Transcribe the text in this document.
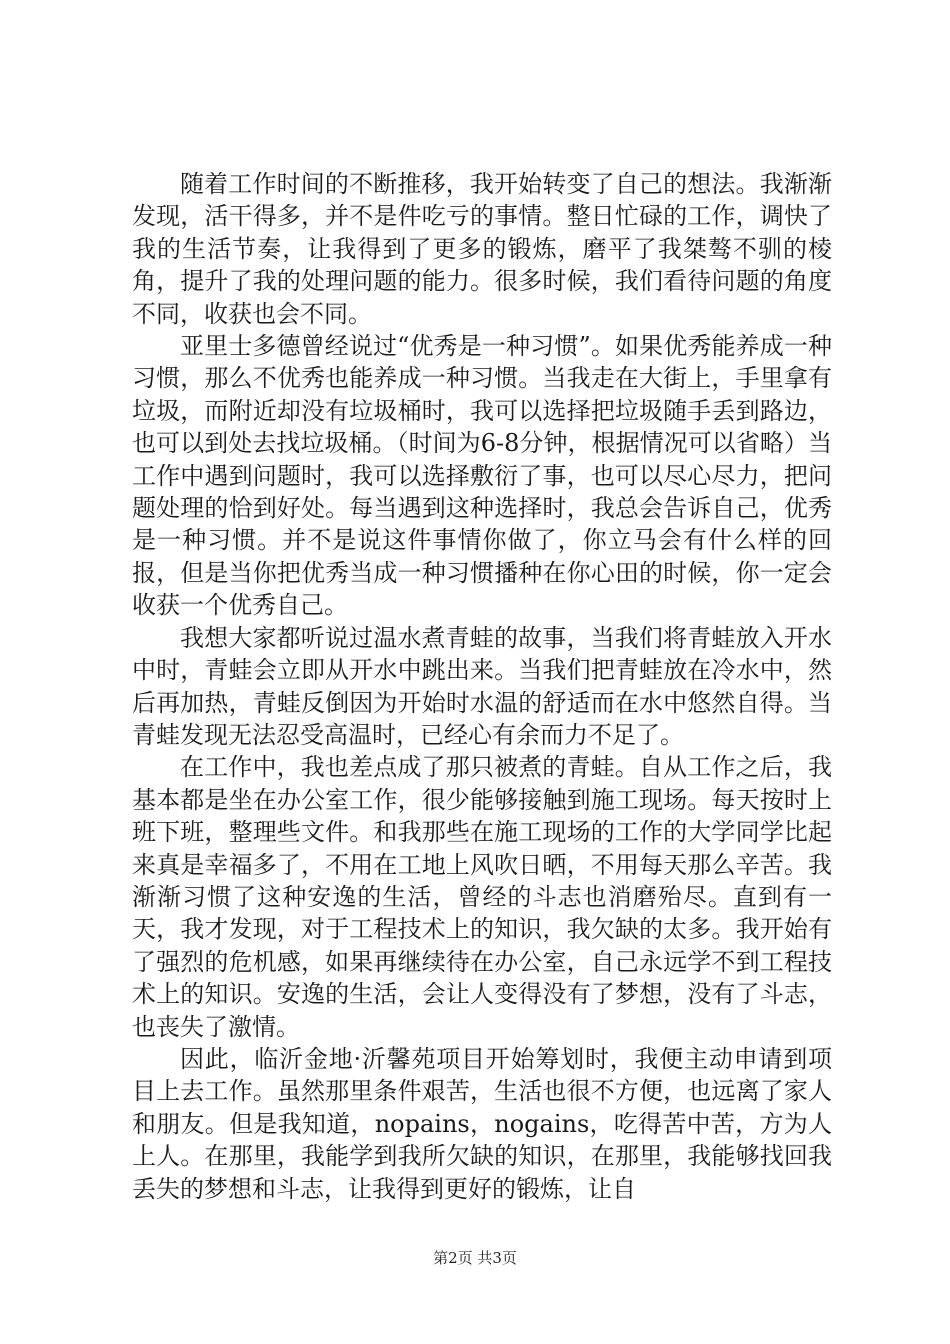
随着工作时间的不断推移，我开始转变了自己的想法。我渐渐发现，活干得多，并不是件吃亏的事情。整日忙碌的工作，调快了我的生活节奏，让我得到了更多的锻炼，磨平了我桀骜不驯的棱角，提升了我的处理问题的能力。很多时候，我们看待问题的角度不同，收获也会不同。

亚里士多德曾经说过“优秀是一种习惯”。如果优秀能养成一种习惯，那么不优秀也能养成一种习惯。当我走在大街上，手里拿有垃圾，而附近却没有垃圾桶时，我可以选择把垃圾随手丢到路边，也可以到处去找垃圾桶。（时间为6-8分钟，根据情况可以省略）当工作中遇到问题时，我可以选择敷衍了事，也可以尽心尽力，把问题处理的恰到好处。每当遇到这种选择时，我总会告诉自己，优秀是一种习惯。并不是说这件事情你做了，你立马会有什么样的回报，但是当你把优秀当成一种习惯播种在你心田的时候，你一定会收获一个优秀自己。

我想大家都听说过温水煮青蛙的故事，当我们将青蛙放入开水中时，青蛙会立即从开水中跳出来。当我们把青蛙放在冷水中，然后再加热，青蛙反倒因为开始时水温的舒适而在水中悠然自得。当青蛙发现无法忍受高温时，已经心有余而力不足了。

在工作中，我也差点成了那只被煮的青蛙。自从工作之后，我基本都是坐在办公室工作，很少能够接触到施工现场。每天按时上班下班，整理些文件。和我那些在施工现场的工作的大学同学比起来真是幸福多了，不用在工地上风吹日晒，不用每天那么辛苦。我渐渐习惯了这种安逸的生活，曾经的斗志也消磨殆尽。直到有一天，我才发现，对于工程技术上的知识，我欠缺的太多。我开始有了强烈的危机感，如果再继续待在办公室，自己永远学不到工程技术上的知识。安逸的生活，会让人变得没有了梦想，没有了斗志，也丧失了激情。

因此，临沂金地·沂馨苑项目开始筹划时，我便主动申请到项目上去工作。虽然那里条件艰苦，生活也很不方便，也远离了家人和朋友。但是我知道，nopains，nogains，吃得苦中苦，方为人上人。在那里，我能学到我所欠缺的知识，在那里，我能够找回我丢失的梦想和斗志，让我得到更好的锻炼，让自

第2页 共3页
